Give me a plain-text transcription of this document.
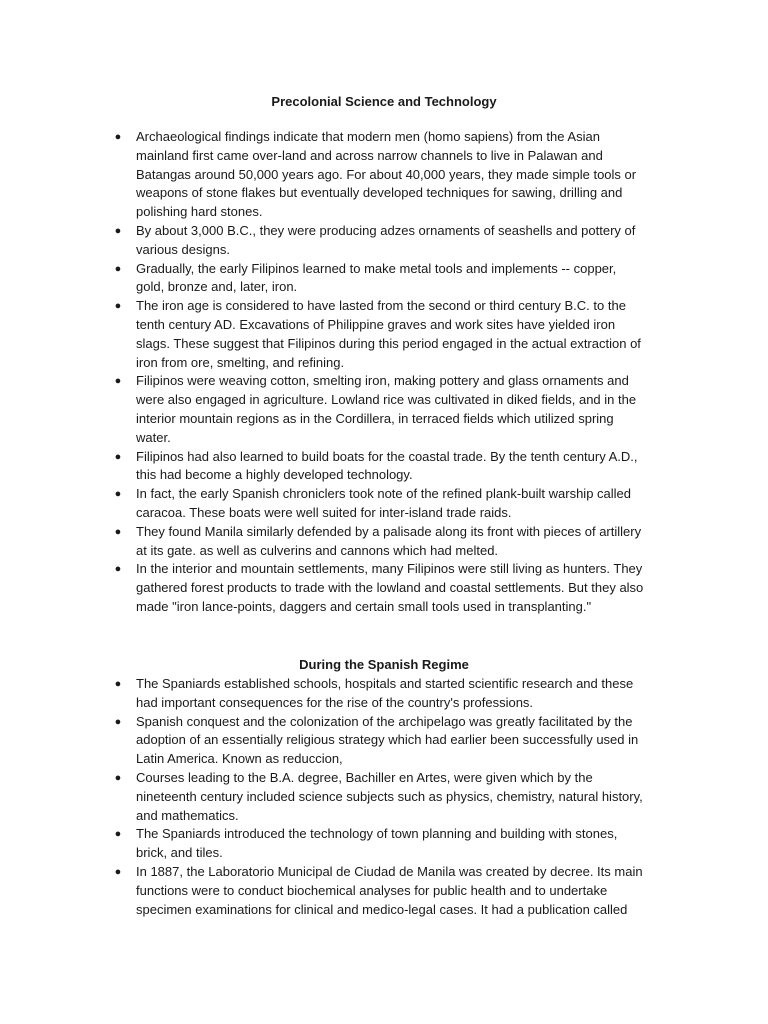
Precolonial Science and Technology
●	Archaeological findings indicate that modern men (homo sapiens) from the Asian
mainland first came over-land and across narrow channels to live in Palawan and
Batangas around 50,000 years ago. For about 40,000 years, they made simple tools or
weapons of stone flakes but eventually developed techniques for sawing, drilling and
polishing hard stones.
●	By about 3,000 B.C., they were producing adzes ornaments of seashells and pottery of
various designs.
●	Gradually, the early Filipinos learned to make metal tools and implements -- copper,
gold, bronze and, later, iron.
●	The iron age is considered to have lasted from the second or third century B.C. to the
tenth century AD. Excavations of Philippine graves and work sites have yielded iron
slags. These suggest that Filipinos during this period engaged in the actual extraction of
iron from ore, smelting, and refining.
●	Filipinos were weaving cotton, smelting iron, making pottery and glass ornaments and
were also engaged in agriculture. Lowland rice was cultivated in diked fields, and in the
interior mountain regions as in the Cordillera, in terraced fields which utilized spring
water.
●	Filipinos had also learned to build boats for the coastal trade. By the tenth century A.D.,
this had become a highly developed technology.
●	In fact, the early Spanish chroniclers took note of the refined plank-built warship called
caracoa. These boats were well suited for inter-island trade raids.
●	They found Manila similarly defended by a palisade along its front with pieces of artillery
at its gate. as well as culverins and cannons which had melted.
●	In the interior and mountain settlements, many Filipinos were still living as hunters. They
gathered forest products to trade with the lowland and coastal settlements. But they also
made "iron lance-points, daggers and certain small tools used in transplanting."
During the Spanish Regime
●	The Spaniards established schools, hospitals and started scientific research and these
had important consequences for the rise of the country's professions.
●	Spanish conquest and the colonization of the archipelago was greatly facilitated by the
adoption of an essentially religious strategy which had earlier been successfully used in
Latin America. Known as reduccion,
●	Courses leading to the B.A. degree, Bachiller en Artes, were given which by the
nineteenth century included science subjects such as physics, chemistry, natural history,
and mathematics.
●	The Spaniards introduced the technology of town planning and building with stones,
brick, and tiles.
●	In 1887, the Laboratorio Municipal de Ciudad de Manila was created by decree. Its main
functions were to conduct biochemical analyses for public health and to undertake
specimen examinations for clinical and medico-legal cases. It had a publication called
